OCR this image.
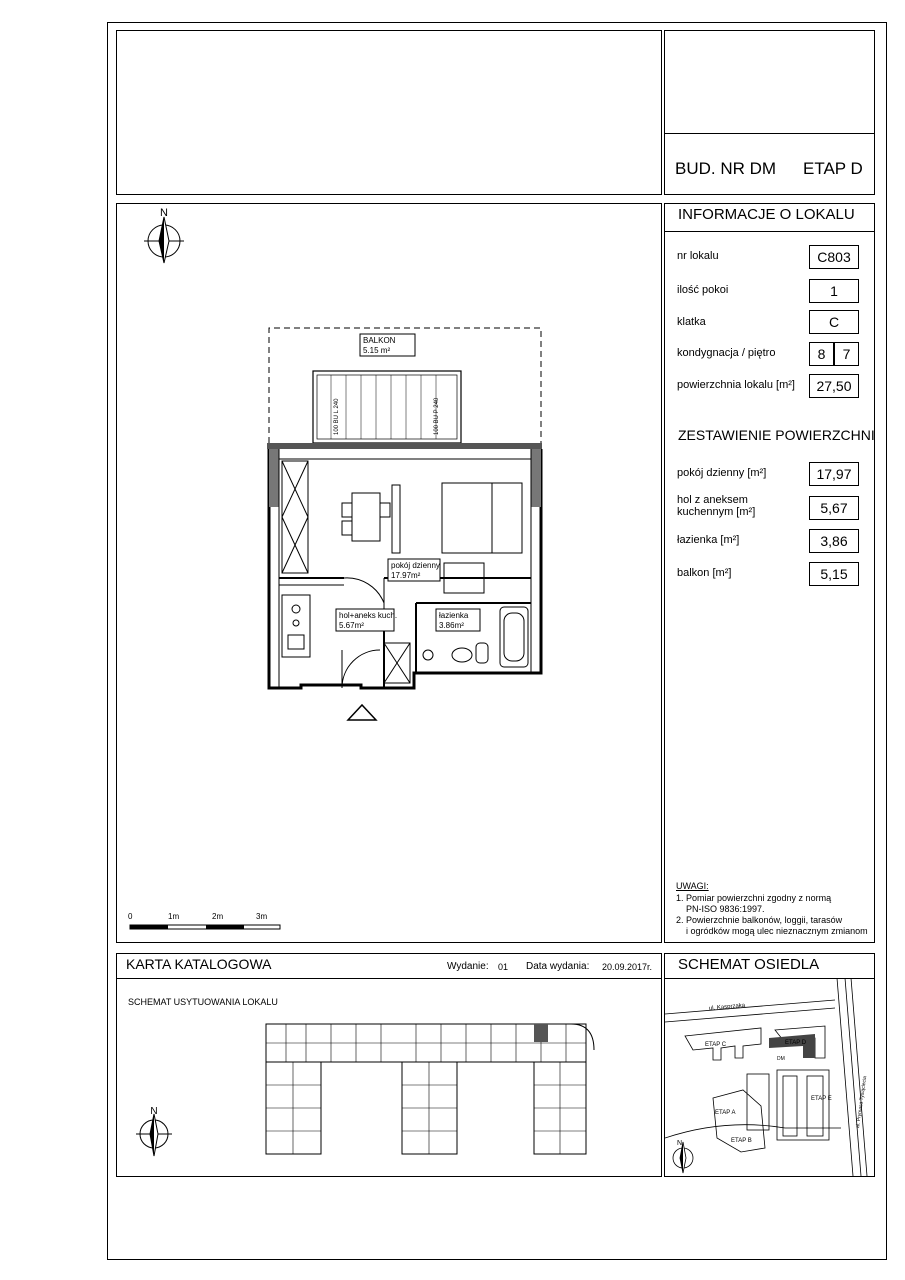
BUD. NR DM ETAP D
INFORMACJE O LOKALU
nr lokalu	C803
ilość pokoi	1
klatka	C
kondygnacja / piętro	8	7
powierzchnia lokalu [m²]	27,50
ZESTAWIENIE POWIERZCHNI
pokój dzienny [m²]	17,97
hol z aneksem
kuchennym [m²]	5,67
łazienka [m²]	3,86
balkon [m²]	5,15
UWAGI:
1. Pomiar powierzchni zgodny z normą
PN-ISO 9836:1997.
2. Powierzchnie balkonów, loggii, tarasów
i ogródków mogą ulec nieznacznym zmianom
N
BALKON
5.15 m²
100 BU L 240	100 BU P 240
pokój dzienny
17.97m²
hol+aneks kuch.
5.67m²
łazienka
3.86m²
0	1m	2m	3m
KARTA KATALOGOWA	Wydanie: 01 Data wydania: 20.09.2017r.
SCHEMAT USYTUOWANIA LOKALU
N
SCHEMAT OSIEDLA
ul. Kasprzaka
al. Prymasa Tysiąclecia
ETAP C	ETAP D
DM
ETAP E
ETAP A
ETAP B
N
